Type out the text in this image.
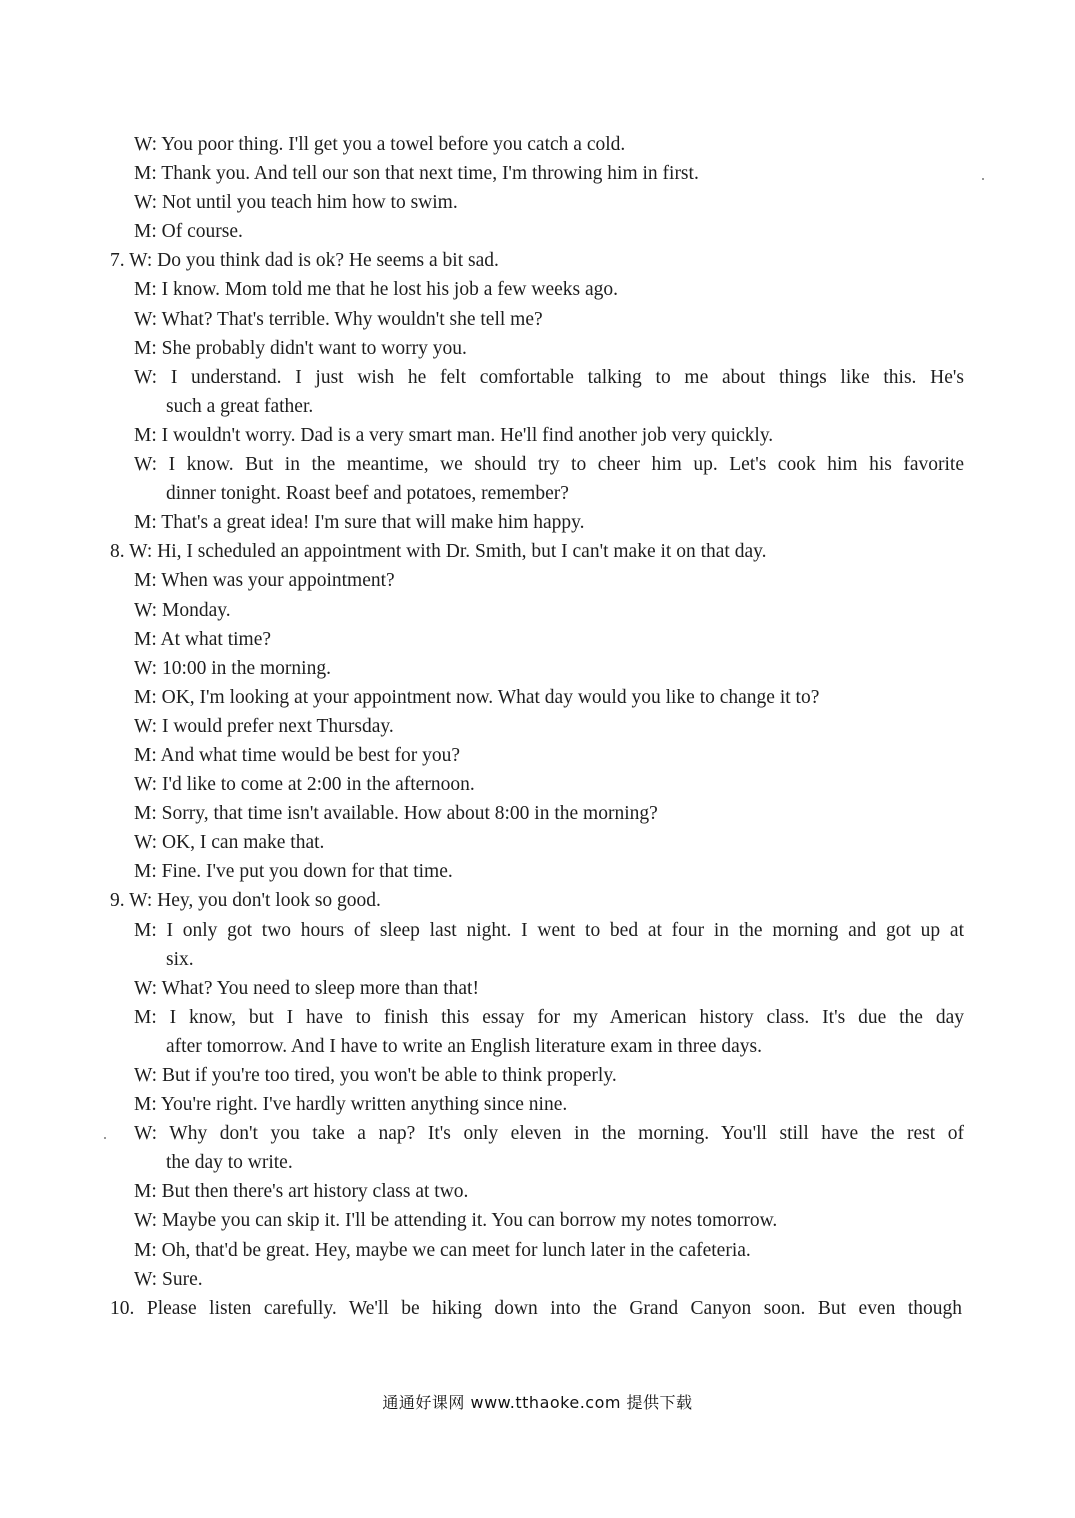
W: You poor thing. I'll get you a towel before you catch a cold.
M: Thank you. And tell our son that next time, I'm throwing him in first.
W: Not until you teach him how to swim.
M: Of course.
7. W: Do you think dad is ok? He seems a bit sad.
M: I know. Mom told me that he lost his job a few weeks ago.
W: What? That's terrible. Why wouldn't she tell me?
M: She probably didn't want to worry you.
W: I understand. I just wish he felt comfortable talking to me about things like this. He's
such a great father.
M: I wouldn't worry. Dad is a very smart man. He'll find another job very quickly.
W: I know. But in the meantime, we should try to cheer him up. Let's cook him his favorite
dinner tonight. Roast beef and potatoes, remember?
M: That's a great idea! I'm sure that will make him happy.
8. W: Hi, I scheduled an appointment with Dr. Smith, but I can't make it on that day.
M: When was your appointment?
W: Monday.
M: At what time?
W: 10:00 in the morning.
M: OK, I'm looking at your appointment now. What day would you like to change it to?
W: I would prefer next Thursday.
M: And what time would be best for you?
W: I'd like to come at 2:00 in the afternoon.
M: Sorry, that time isn't available. How about 8:00 in the morning?
W: OK, I can make that.
M: Fine. I've put you down for that time.
9. W: Hey, you don't look so good.
M: I only got two hours of sleep last night. I went to bed at four in the morning and got up at
six.
W: What? You need to sleep more than that!
M: I know, but I have to finish this essay for my American history class. It's due the day
after tomorrow. And I have to write an English literature exam in three days.
W: But if you're too tired, you won't be able to think properly.
M: You're right. I've hardly written anything since nine.
W: Why don't you take a nap? It's only eleven in the morning. You'll still have the rest of
the day to write.
M: But then there's art history class at two.
W: Maybe you can skip it. I'll be attending it. You can borrow my notes tomorrow.
M: Oh, that'd be great. Hey, maybe we can meet for lunch later in the cafeteria.
W: Sure.
10. Please listen carefully. We'll be hiking down into the Grand Canyon soon. But even though
通通好课网 www.tthaoke.com 提供下载
